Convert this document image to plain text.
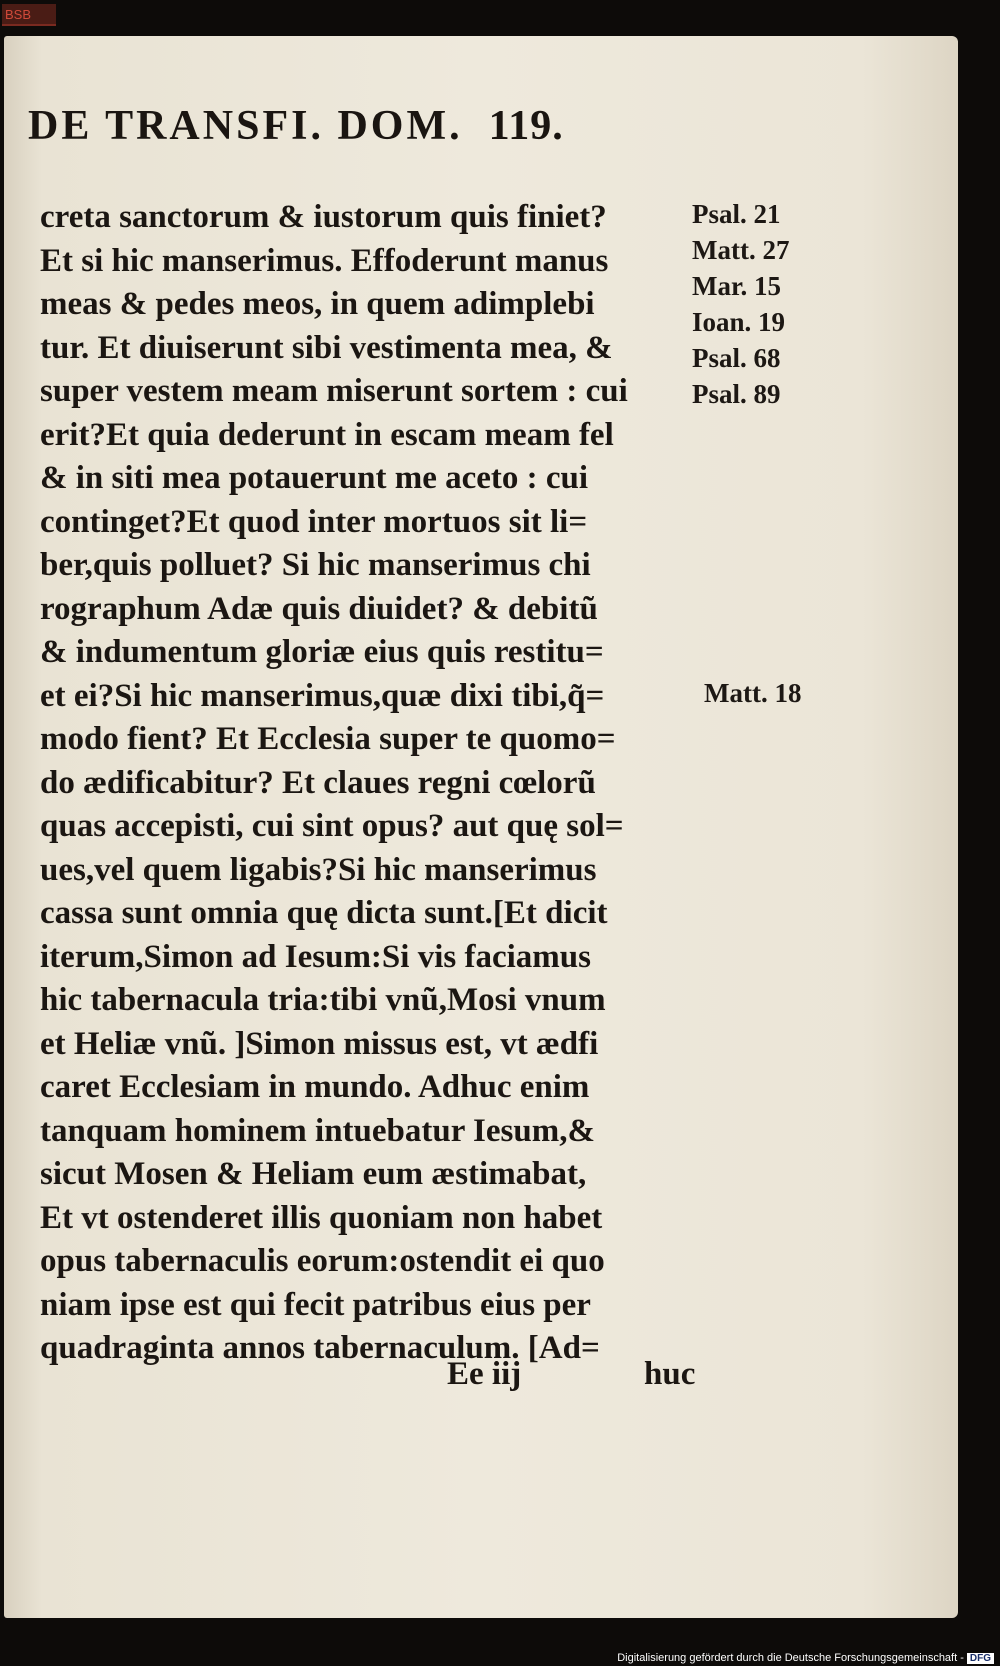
BSB
DE TRANSFI. DOM. 119.
creta sanctorum & iustorum quis finiet?
Et si hic manserimus. Effoderunt manus
meas & pedes meos, in quem adimplebi
tur. Et diuiserunt sibi vestimenta mea, &
super vestem meam miserunt sortem : cui
erit?Et quia dederunt in escam meam fel
& in siti mea potauerunt me aceto : cui
continget?Et quod inter mortuos sit li=
ber,quis polluet? Si hic manserimus chi
rographum Adæ quis diuidet? & debitũ
& indumentum gloriæ eius quis restitu=
et ei?Si hic manserimus,quæ dixi tibi,q̃=
modo fient? Et Ecclesia super te quomo=
do ædificabitur? Et claues regni cœlorũ
quas accepisti, cui sint opus? aut quę sol=
ues,vel quem ligabis?Si hic manserimus
cassa sunt omnia quę dicta sunt.[Et dicit
iterum,Simon ad Iesum:Si vis faciamus
hic tabernacula tria:tibi vnũ,Mosi vnum
et Heliæ vnũ. ]Simon missus est, vt ædfi
caret Ecclesiam in mundo. Adhuc enim
tanquam hominem intuebatur Iesum,&
sicut Mosen & Heliam eum æstimabat,
Et vt ostenderet illis quoniam non habet
opus tabernaculis eorum:ostendit ei quo
niam ipse est qui fecit patribus eius per
quadraginta annos tabernaculum. [Ad=
Psal. 21
Matt. 27
Mar. 15
Ioan. 19
Psal. 68
Psal. 89
Matt. 18
Ee iij	huc
Digitalisierung gefördert durch die Deutsche Forschungsgemeinschaft - DFG
